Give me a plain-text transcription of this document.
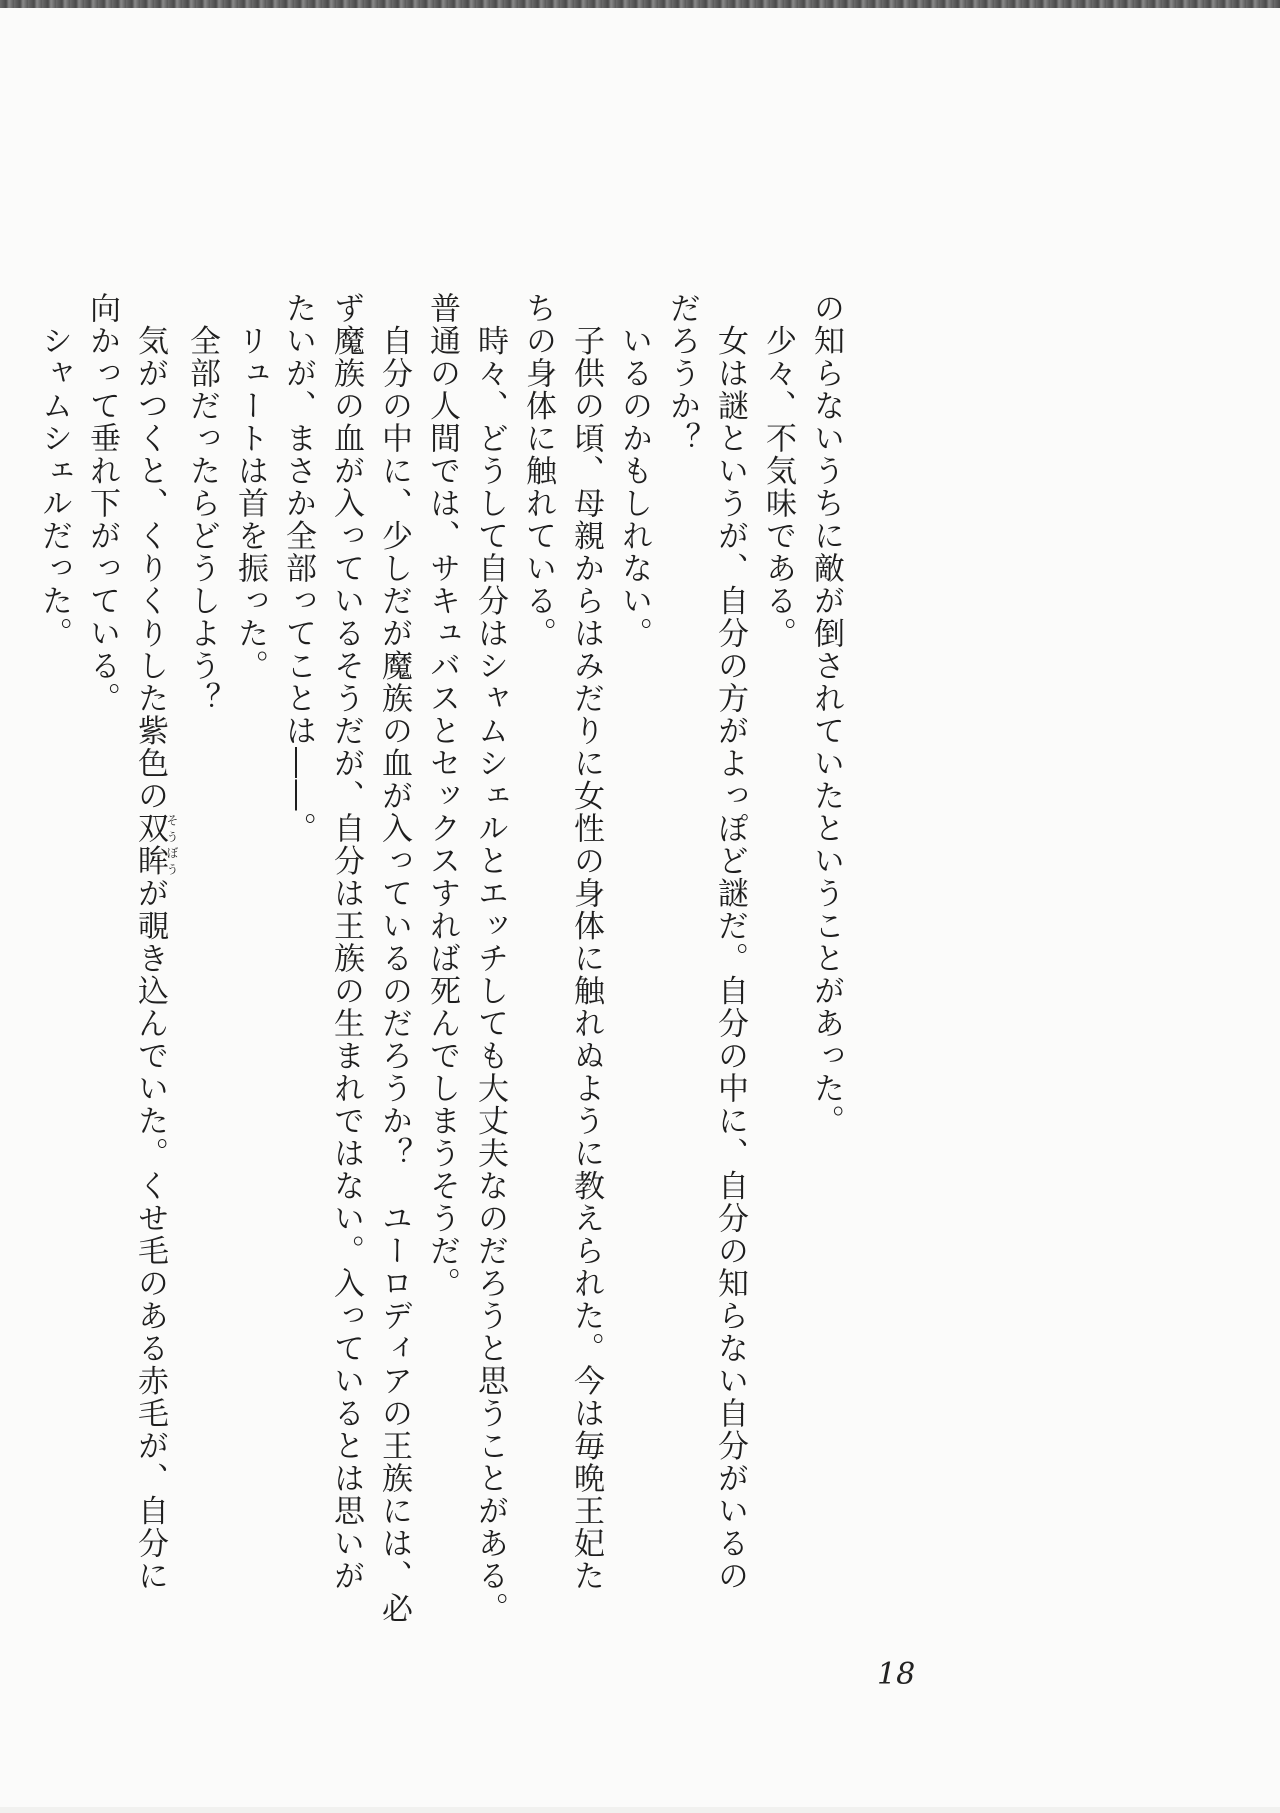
の知らないうちに敵が倒されていたということがあった。
　少々、不気味である。
　女は謎というが、自分の方がよっぽど謎だ。自分の中に、自分の知らない自分がいるの
だろうか？
　いるのかもしれない。
　子供の頃、母親からはみだりに女性の身体に触れぬように教えられた。今は毎晩王妃た
ちの身体に触れている。
　時々、どうして自分はシャムシェルとエッチしても大丈夫なのだろうと思うことがある。
普通の人間では、サキュバスとセックスすれば死んでしまうそうだ。
　自分の中に、少しだが魔族の血が入っているのだろうか？　ユーロディアの王族には、必
ず魔族の血が入っているそうだが、自分は王族の生まれではない。入っているとは思いが
たいが、まさか全部ってことは――。
　リュートは首を振った。
　全部だったらどうしよう？
　気がつくと、くりくりした紫色の双眸そうぼうが覗き込んでいた。くせ毛のある赤毛が、自分に
向かって垂れ下がっている。
　シャムシェルだった。
18
